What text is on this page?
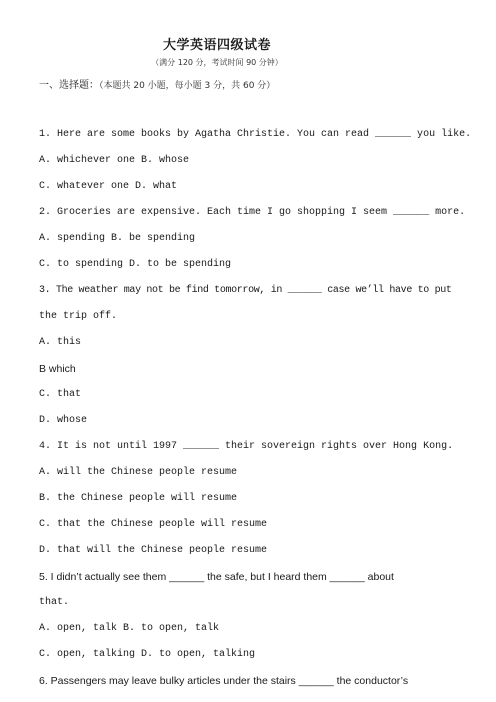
大学英语四级试卷
（满分 120 分，考试时间 90 分钟）
一、选择题：（本题共 20 小题，每小题 3 分，共 60 分）
1. Here are some books by Agatha Christie. You can read ______ you like.
A. whichever one B. whose
C. whatever one D. what
2. Groceries are expensive. Each time I go shopping I seem ______ more.
A. spending B. be spending
C. to spending D. to be spending
3. The weather may not be find tomorrow, in ______ case we’ll have to put
the trip off.
A. this
B which
C. that
D. whose
4. It is not until 1997 ______ their sovereign rights over Hong Kong.
A. will the Chinese people resume
B. the Chinese people will resume
C. that the Chinese people will resume
D. that will the Chinese people resume
5. I didn’t actually see them ______ the safe, but I heard them ______ about
that.
A. open, talk B. to open, talk
C. open, talking D. to open, talking
6. Passengers may leave bulky articles under the stairs ______ the conductor’s
